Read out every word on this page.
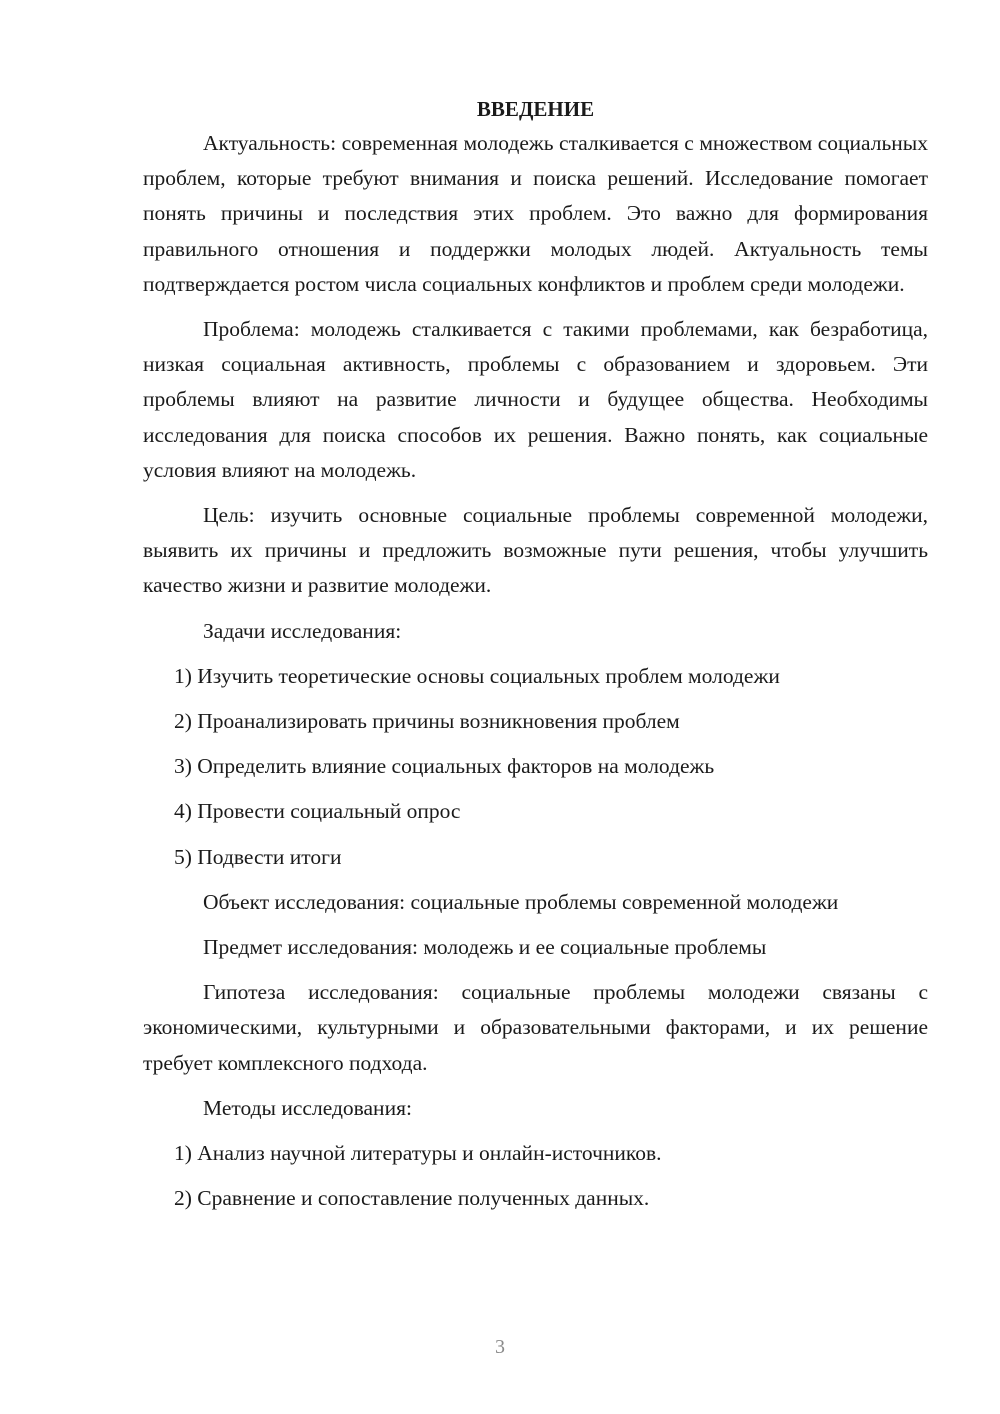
ВВЕДЕНИЕ

Актуальность: современная молодежь сталкивается с множеством социальных проблем, которые требуют внимания и поиска решений. Исследование помогает понять причины и последствия этих проблем. Это важно для формирования правильного отношения и поддержки молодых людей. Актуальность темы подтверждается ростом числа социальных конфликтов и проблем среди молодежи.

Проблема: молодежь сталкивается с такими проблемами, как безработица, низкая социальная активность, проблемы с образованием и здоровьем. Эти проблемы влияют на развитие личности и будущее общества. Необходимы исследования для поиска способов их решения. Важно понять, как социальные условия влияют на молодежь.

Цель: изучить основные социальные проблемы современной молодежи, выявить их причины и предложить возможные пути решения, чтобы улучшить качество жизни и развитие молодежи.

Задачи исследования:

1) Изучить теоретические основы социальных проблем молодежи

2) Проанализировать причины возникновения проблем

3) Определить влияние социальных факторов на молодежь

4) Провести социальный опрос

5) Подвести итоги

Объект исследования: социальные проблемы современной молодежи

Предмет исследования: молодежь и ее социальные проблемы

Гипотеза исследования: социальные проблемы молодежи связаны с экономическими, культурными и образовательными факторами, и их решение требует комплексного подхода.

Методы исследования:

1) Анализ научной литературы и онлайн-источников.

2) Сравнение и сопоставление полученных данных.

3
